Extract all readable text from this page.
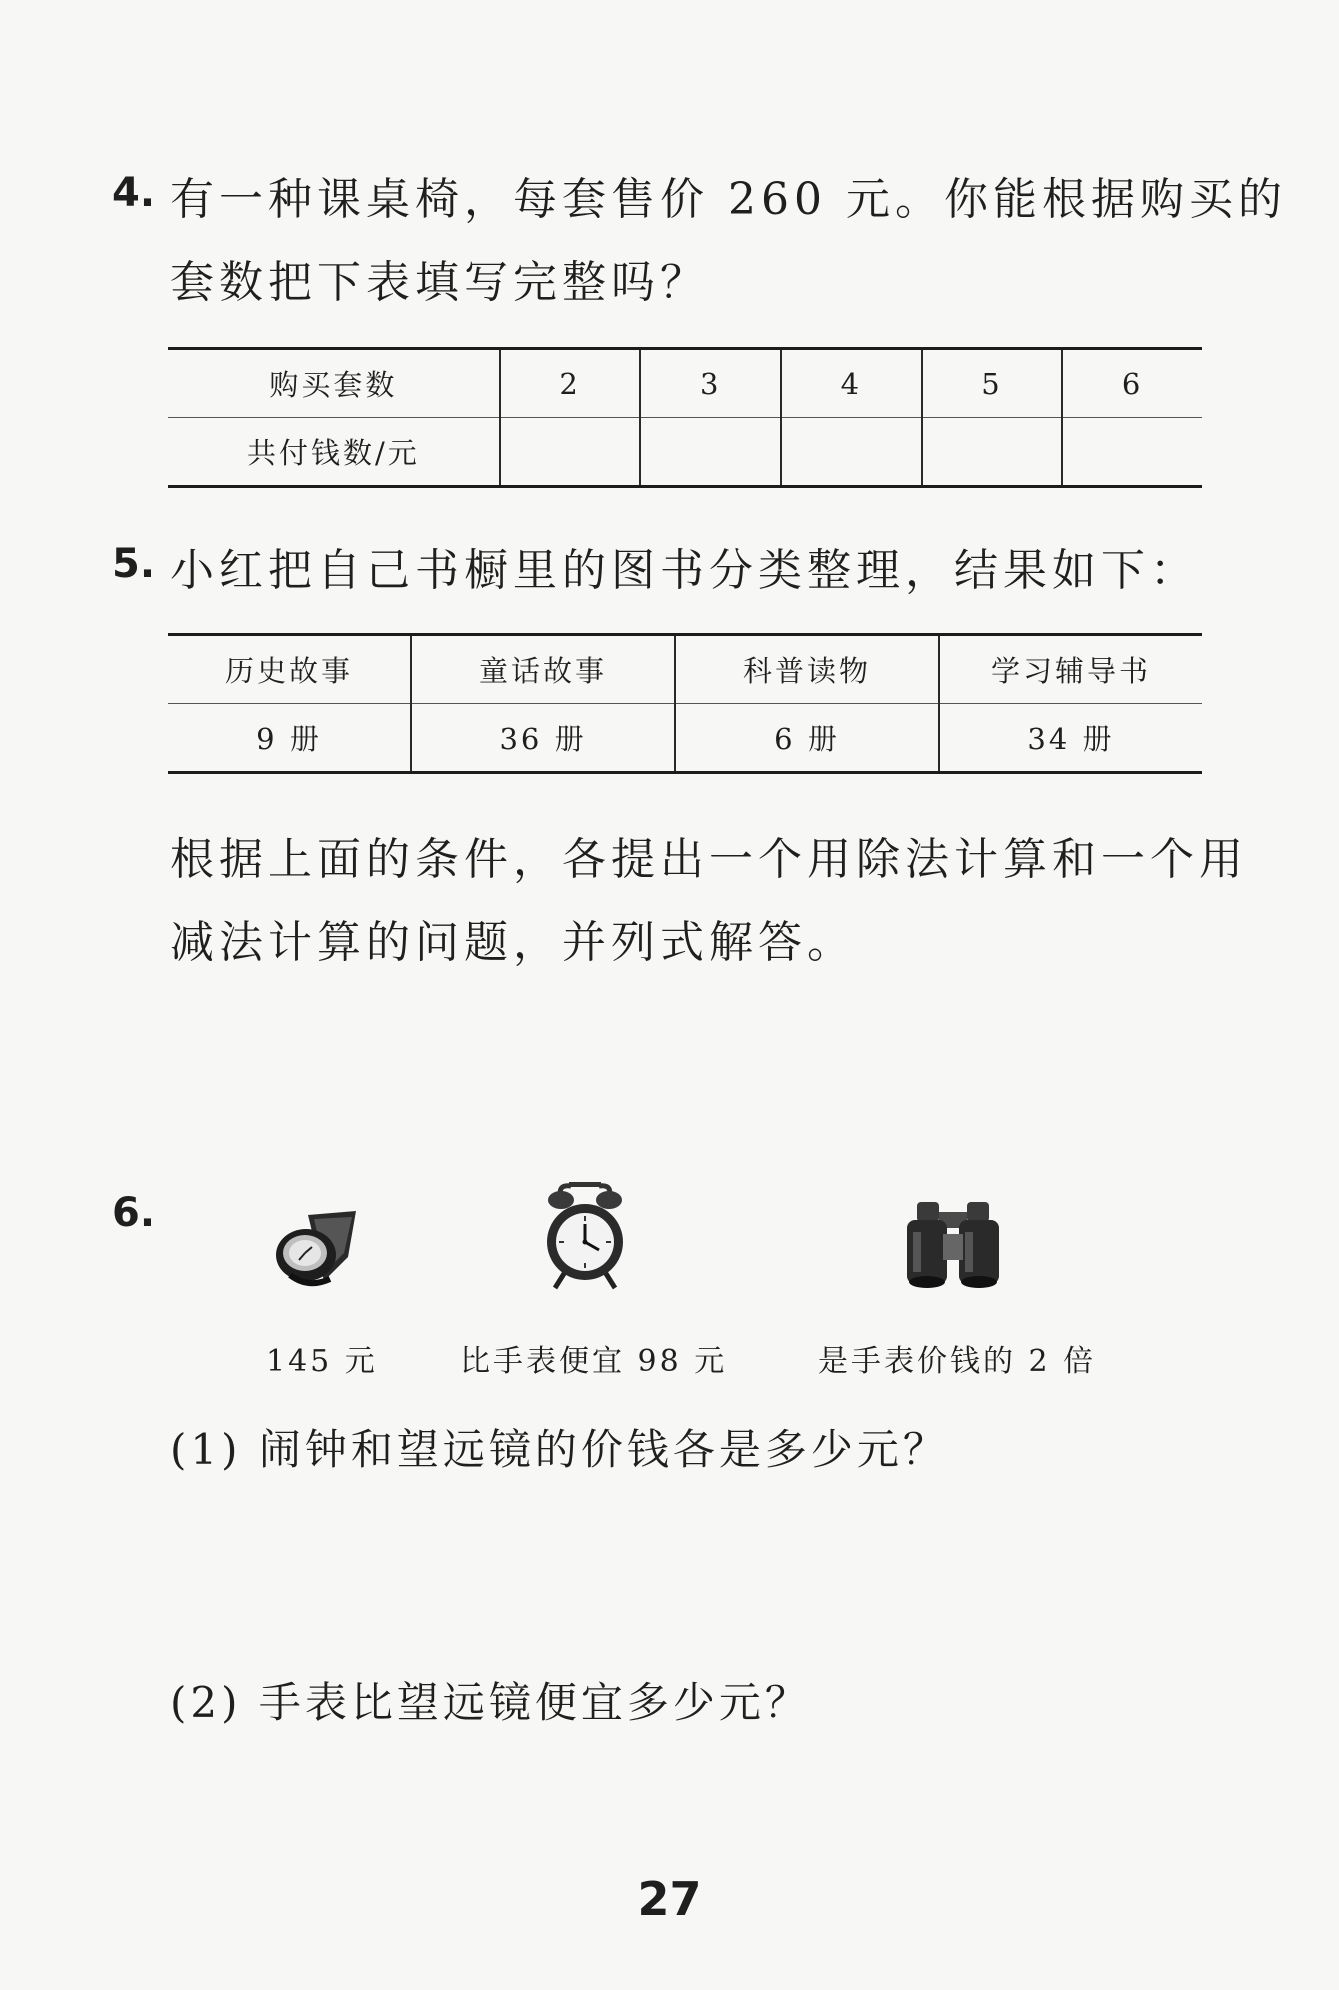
4. 有一种课桌椅，每套售价 260 元。你能根据购买的
套数把下表填写完整吗？
购买套数	2	3	4	5	6
共付钱数/元					
5. 小红把自己书橱里的图书分类整理，结果如下：
历史故事	童话故事	科普读物	学习辅导书
9 册	36 册	6 册	34 册
根据上面的条件，各提出一个用除法计算和一个用
减法计算的问题，并列式解答。
6.
145 元	比手表便宜 98 元	是手表价钱的 2 倍
(1) 闹钟和望远镜的价钱各是多少元？
(2) 手表比望远镜便宜多少元？
27
